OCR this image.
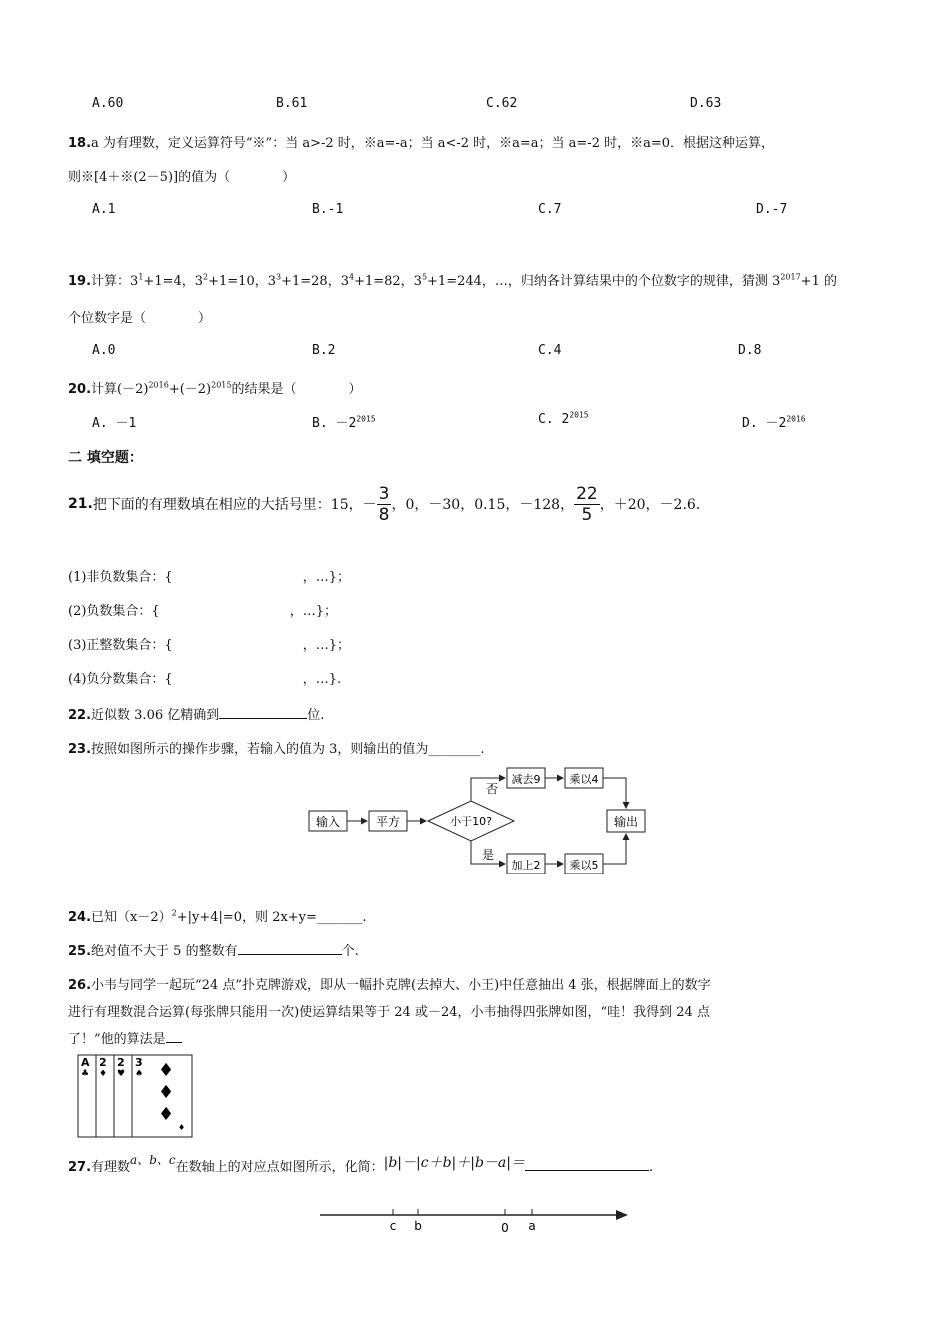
A.60	B.61	C.62	D.63
18.a 为有理数，定义运算符号“※”：当 a>-2 时，※a=-a；当 a<-2 时，※a=a；当 a=-2 时，※a=0．根据这种运算，
则※[4＋※(2－5)]的值为（　　　　）
A.1	B.-1	C.7	D.-7
19.计算：$3^1+1=4$，$3^2+1=10$，$3^3+1=28$，$3^4+1=82$，$3^5+1=244$，…，归纳各计算结果中的个位数字的规律，猜测 $3^{2017}+1$ 的
个位数字是（　　　　）
A.0	B.2	C.4	D.8
20.计算$(-2)^{2016}+(-2)^{2015}$的结果是（　　　　）
A. －1	B. $-2^{2015}$	C. $2^{2015}$
D. $-2^{2016}$
二 填空题：
21. 把下面的有理数填在相应的大括号里：15，－ $\frac{3}{8}$ ，0，－30，0.15，－128， $\frac{22}{5}$ ，＋20，－2.6.
(1)非负数集合：{	，…}；
(2)负数集合：{	，…}；
(3)正整数集合：{	，…}；
(4)负分数集合：{	，…}.
22.近似数 3.06 亿精确到	位.
23.按照如图所示的操作步骤，若输入的值为 3，则输出的值为________.
输入	平方	小于10?
否
减去9	乘以4
是
加上2	乘以5
输出
24.已知$(x-2)^2+|y+4|=0$，则 2x+y=_______.
25.绝对值不大于 5 的整数有	个.
26.小韦与同学一起玩“24 点”扑克牌游戏，即从一幅扑克牌(去掉大、小王)中任意抽出 4 张，根据牌面上的数字
进行有理数混合运算(每张牌只能用一次)使运算结果等于 24 或－24，小韦抽得四张牌如图，“哇！我得到 24 点
了！”他的算法是
A
♣
2
♦
2
♥
3
♠ ♦
♦
♦
♦
27.有理数a、b、c在数轴上的对应点如图所示，化简：|b|－|c＋b|＋|b－a|＝	.
c b	0 a
